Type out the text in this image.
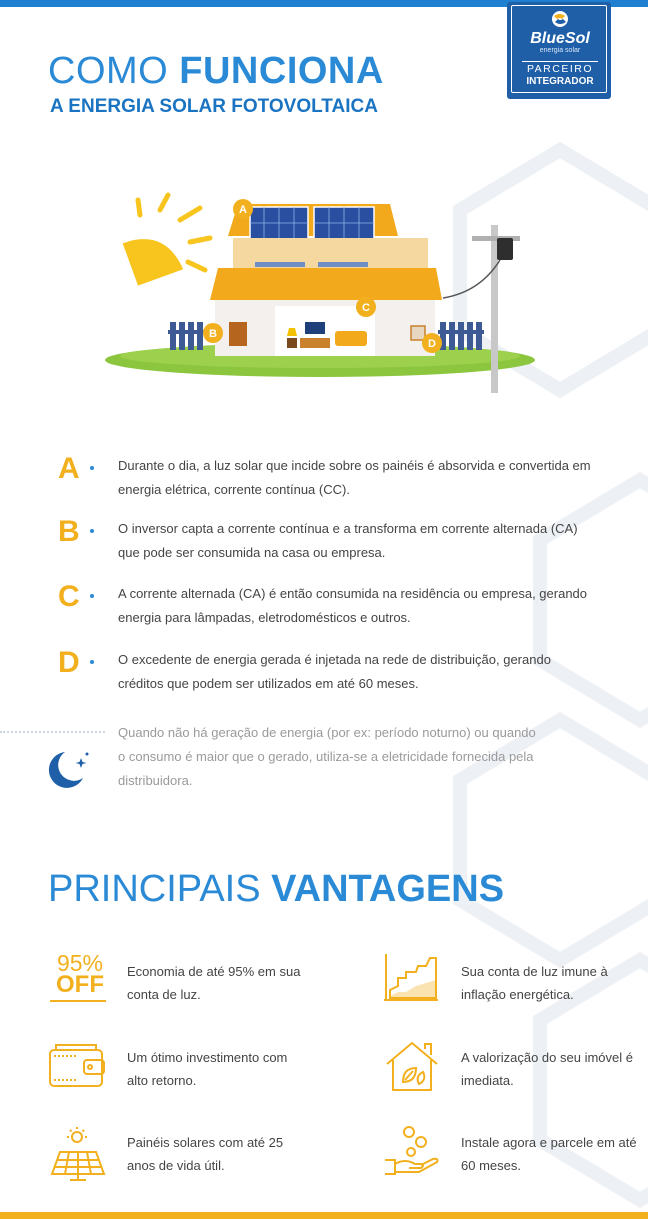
COMO FUNCIONA
A ENERGIA SOLAR FOTOVOLTAICA
BlueSol
energia solar
PARCEIRO
INTEGRADOR
A
B
C
D
A	Durante o dia, a luz solar que incide sobre os painéis é absorvida e convertida em energia elétrica, corrente contínua (CC).
B	O inversor capta a corrente contínua e a transforma em corrente alternada (CA) que pode ser consumida na casa ou empresa.
C	A corrente alternada (CA) é então consumida na residência ou empresa, gerando energia para lâmpadas, eletrodomésticos e outros.
D	O excedente de energia gerada é injetada na rede de distribuição, gerando créditos que podem ser utilizados em até 60 meses.
Quando não há geração de energia (por ex: período noturno) ou quando o consumo é maior que o gerado, utiliza-se a eletricidade fornecida pela distribuidora.
PRINCIPAIS VANTAGENS
95%
OFF	Economia de até 95% em sua conta de luz.
Sua conta de luz imune à inflação energética.
Um ótimo investimento com alto retorno.
A valorização do seu imóvel é imediata.
Painéis solares com até 25 anos de vida útil.
Instale agora e parcele em até 60 meses.
